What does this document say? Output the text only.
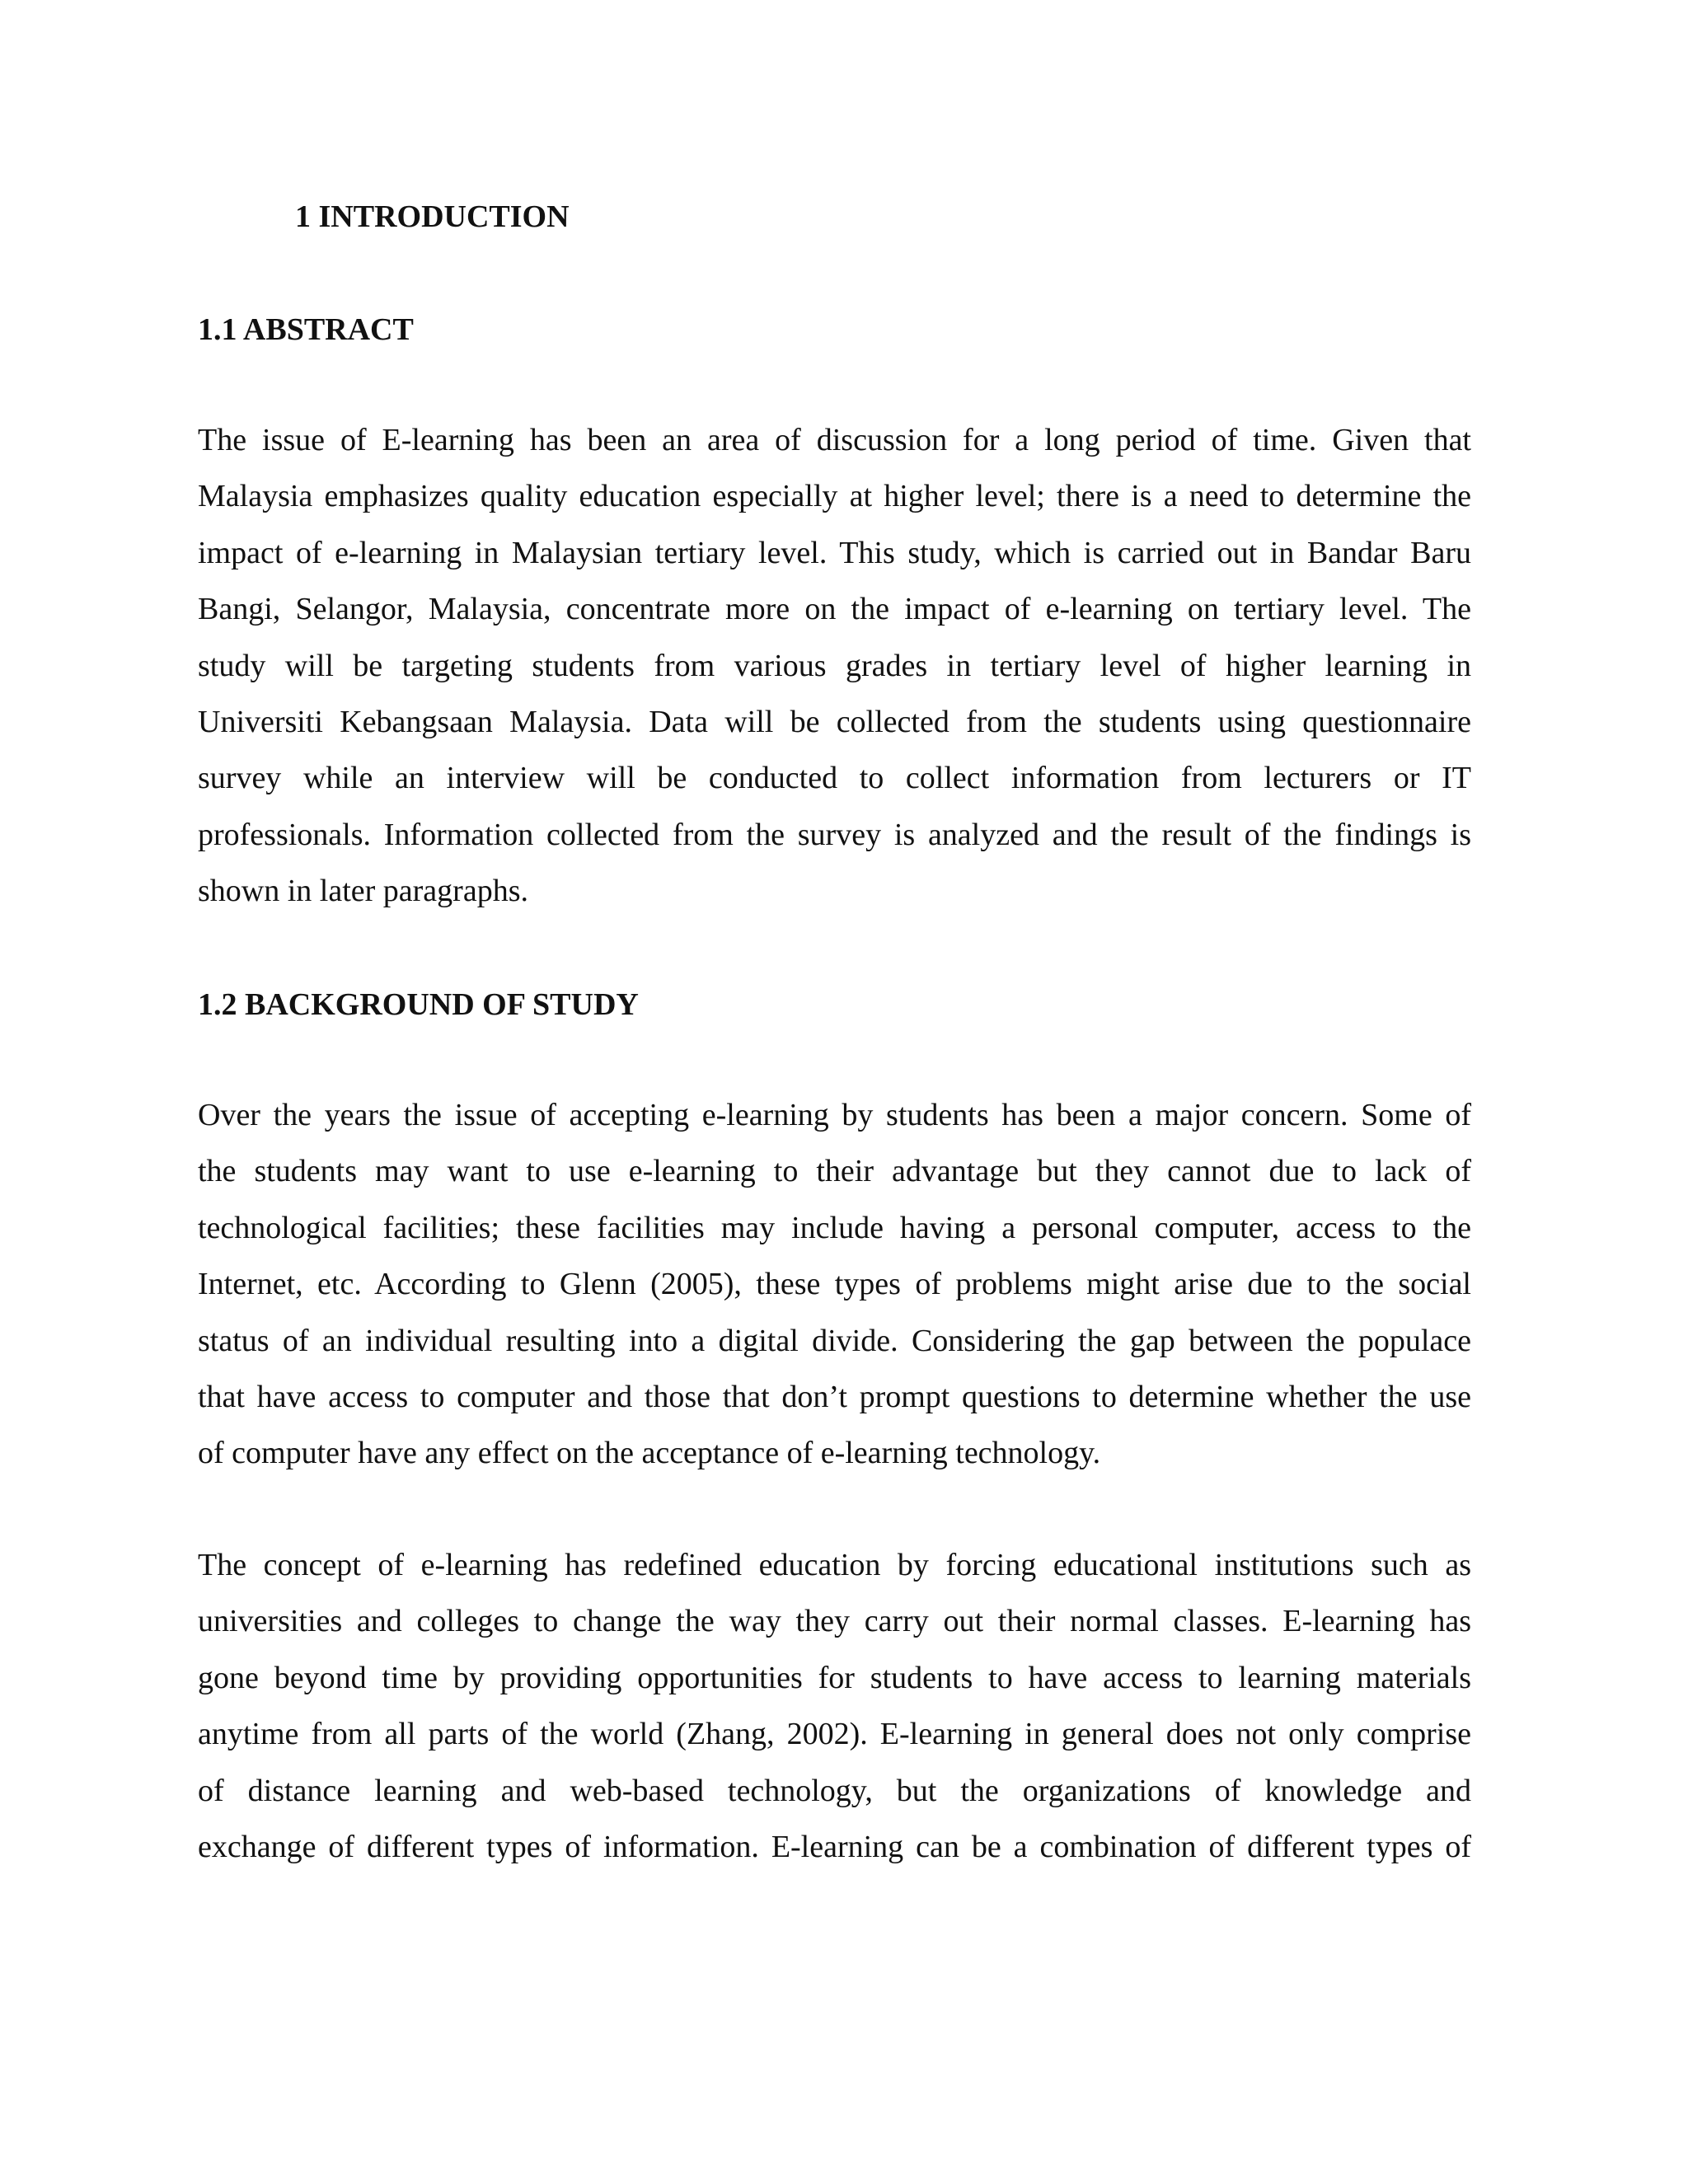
1 INTRODUCTION
1.1 ABSTRACT

The issue of E-learning has been an area of discussion for a long period of time. Given that
Malaysia emphasizes quality education especially at higher level; there is a need to determine the
impact of e-learning in Malaysian tertiary level. This study, which is carried out in Bandar Baru
Bangi, Selangor, Malaysia, concentrate more on the impact of e-learning on tertiary level. The
study will be targeting students from various grades in tertiary level of higher learning in
Universiti Kebangsaan Malaysia. Data will be collected from the students using questionnaire
survey while an interview will be conducted to collect information from lecturers or IT
professionals. Information collected from the survey is analyzed and the result of the findings is
shown in later paragraphs.

1.2 BACKGROUND OF STUDY

Over the years the issue of accepting e-learning by students has been a major concern. Some of
the students may want to use e-learning to their advantage but they cannot due to lack of
technological facilities; these facilities may include having a personal computer, access to the
Internet, etc. According to Glenn (2005), these types of problems might arise due to the social
status of an individual resulting into a digital divide. Considering the gap between the populace
that have access to computer and those that don’t prompt questions to determine whether the use
of computer have any effect on the acceptance of e-learning technology.

The concept of e-learning has redefined education by forcing educational institutions such as
universities and colleges to change the way they carry out their normal classes. E-learning has
gone beyond time by providing opportunities for students to have access to learning materials
anytime from all parts of the world (Zhang, 2002). E-learning in general does not only comprise
of distance learning and web-based technology, but the organizations of knowledge and
exchange of different types of information. E-learning can be a combination of different types of
